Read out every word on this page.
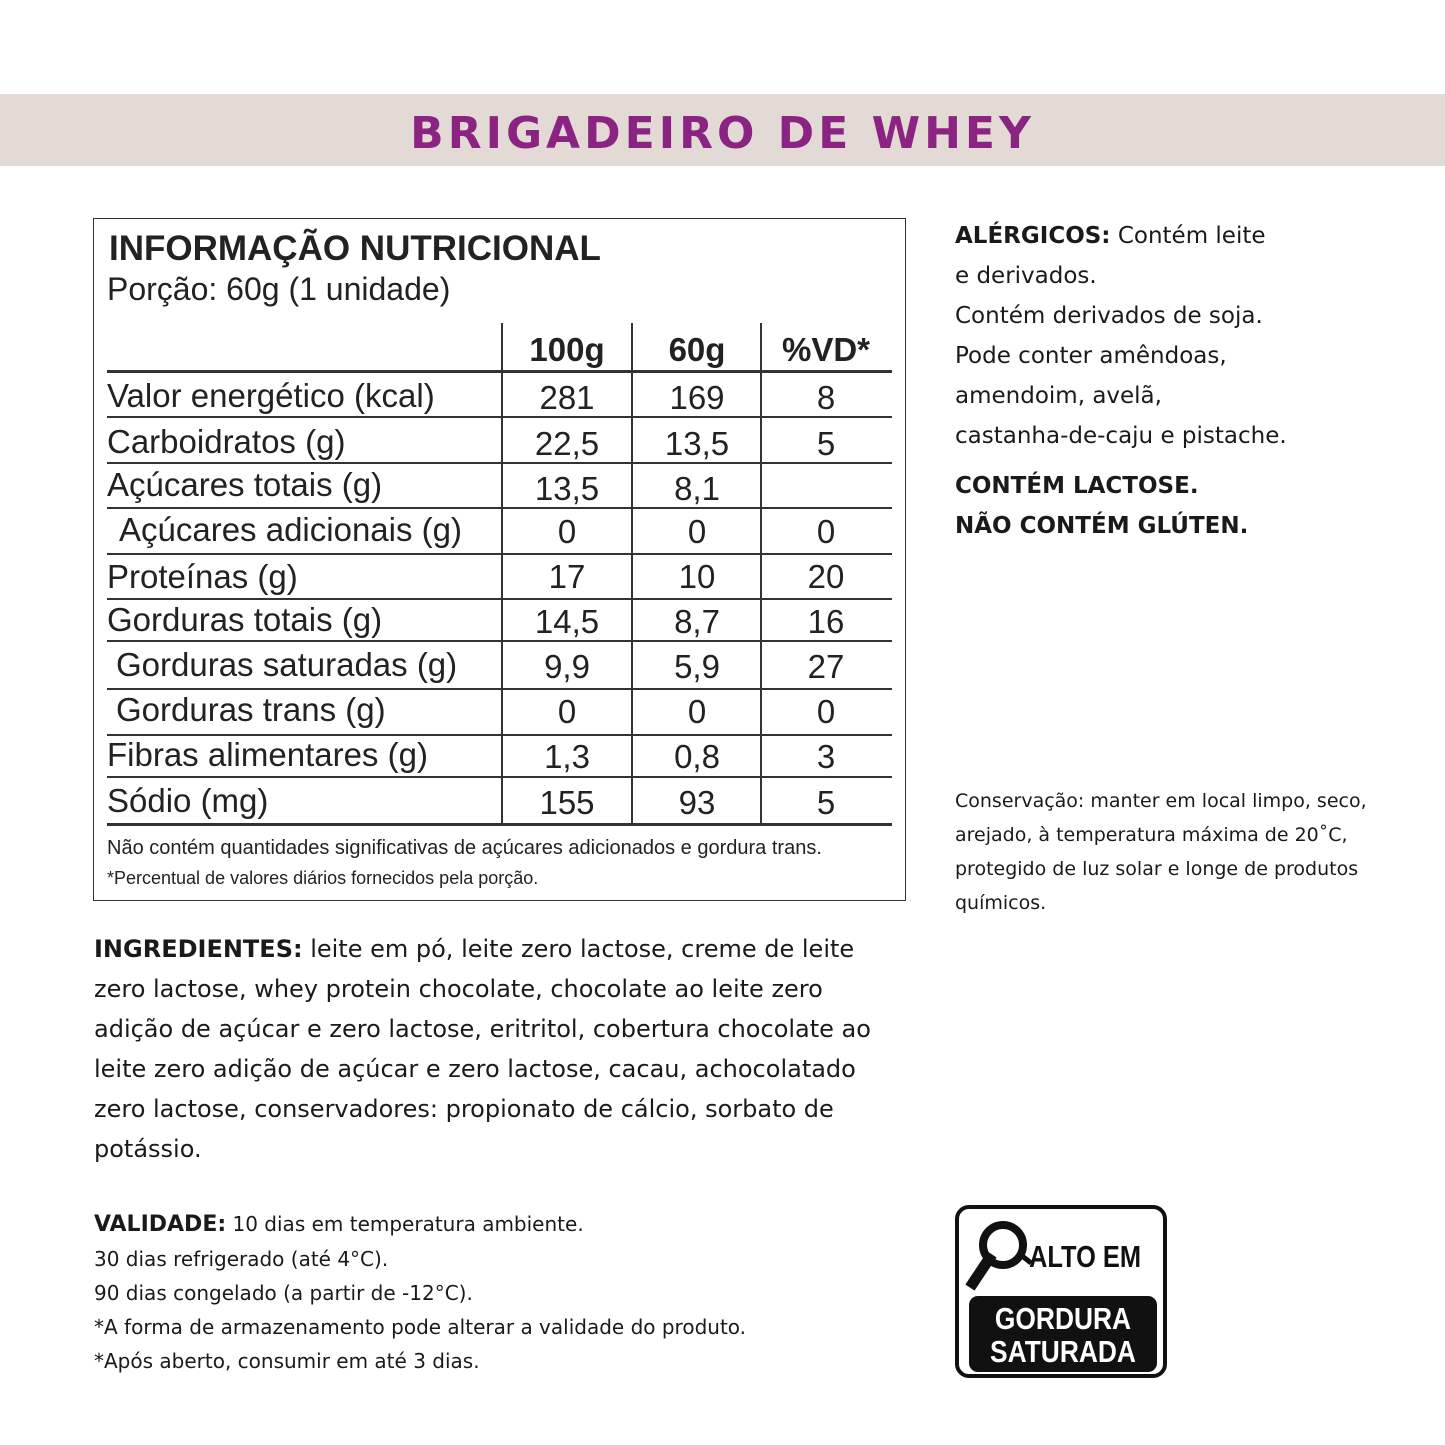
BRIGADEIRO DE WHEY
INFORMAÇÃO NUTRICIONAL
Porção: 60g (1 unidade)
100g	60g	%VD*
Valor energético (kcal)	281	169	8
Carboidratos (g)	22,5	13,5	5
Açúcares totais (g)	13,5	8,1
Açúcares adicionais (g)	0	0	0
Proteínas (g)	17	10	20
Gorduras totais (g)	14,5	8,7	16
Gorduras saturadas (g)	9,9	5,9	27
Gorduras trans (g)	0	0	0
Fibras alimentares (g)	1,3	0,8	3
Sódio (mg)	155	93	5
Não contém quantidades significativas de açúcares adicionados e gordura trans.
*Percentual de valores diários fornecidos pela porção.
ALÉRGICOS: Contém leite
e derivados.
Contém derivados de soja.
Pode conter amêndoas,
amendoim, avelã,
castanha-de-caju e pistache.
CONTÉM LACTOSE.
NÃO CONTÉM GLÚTEN.
Conservação: manter em local limpo, seco, arejado, à temperatura máxima de 20˚C, protegido de luz solar e longe de produtos químicos.
INGREDIENTES: leite em pó, leite zero lactose, creme de leite zero lactose, whey protein chocolate, chocolate ao leite zero adição de açúcar e zero lactose, eritritol, cobertura chocolate ao leite zero adição de açúcar e zero lactose, cacau, achocolatado zero lactose, conservadores: propionato de cálcio, sorbato de potássio.
VALIDADE: 10 dias em temperatura ambiente.
30 dias refrigerado (até 4°C).
90 dias congelado (a partir de -12°C).
*A forma de armazenamento pode alterar a validade do produto.
*Após aberto, consumir em até 3 dias.
ALTO EM
GORDURA
SATURADA
